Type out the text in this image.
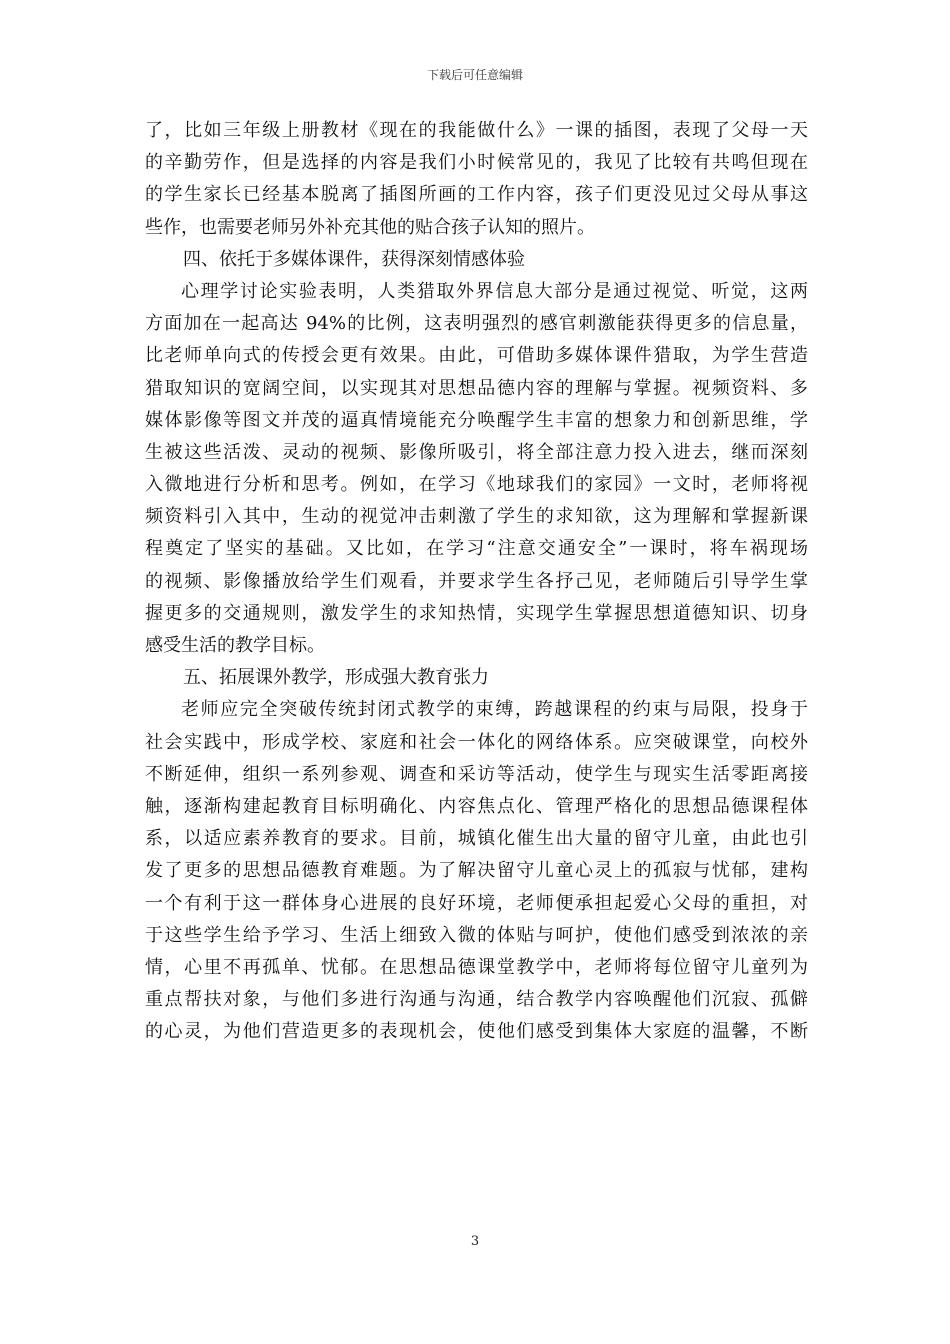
下载后可任意编辑
了，比如三年级上册教材《现在的我能做什么》一课的插图，表现了父母一天
的辛勤劳作，但是选择的内容是我们小时候常见的，我见了比较有共鸣但现在
的学生家长已经基本脱离了插图所画的工作内容，孩子们更没见过父母从事这
些作，也需要老师另外补充其他的贴合孩子认知的照片。
四、依托于多媒体课件，获得深刻情感体验
心理学讨论实验表明，人类猎取外界信息大部分是通过视觉、听觉，这两
方面加在一起高达 94%的比例，这表明强烈的感官刺激能获得更多的信息量，
比老师单向式的传授会更有效果。由此，可借助多媒体课件猎取，为学生营造
猎取知识的宽阔空间，以实现其对思想品德内容的理解与掌握。视频资料、多
媒体影像等图文并茂的逼真情境能充分唤醒学生丰富的想象力和创新思维，学
生被这些活泼、灵动的视频、影像所吸引，将全部注意力投入进去，继而深刻
入微地进行分析和思考。例如，在学习《地球我们的家园》一文时，老师将视
频资料引入其中，生动的视觉冲击刺激了学生的求知欲，这为理解和掌握新课
程奠定了坚实的基础。又比如，在学习“注意交通安全”一课时，将车祸现场
的视频、影像播放给学生们观看，并要求学生各抒己见，老师随后引导学生掌
握更多的交通规则，激发学生的求知热情，实现学生掌握思想道德知识、切身
感受生活的教学目标。
五、拓展课外教学，形成强大教育张力
老师应完全突破传统封闭式教学的束缚，跨越课程的约束与局限，投身于
社会实践中，形成学校、家庭和社会一体化的网络体系。应突破课堂，向校外
不断延伸，组织一系列参观、调查和采访等活动，使学生与现实生活零距离接
触，逐渐构建起教育目标明确化、内容焦点化、管理严格化的思想品德课程体
系，以适应素养教育的要求。目前，城镇化催生出大量的留守儿童，由此也引
发了更多的思想品德教育难题。为了解决留守儿童心灵上的孤寂与忧郁，建构
一个有利于这一群体身心进展的良好环境，老师便承担起爱心父母的重担，对
于这些学生给予学习、生活上细致入微的体贴与呵护，使他们感受到浓浓的亲
情，心里不再孤单、忧郁。在思想品德课堂教学中，老师将每位留守儿童列为
重点帮扶对象，与他们多进行沟通与沟通，结合教学内容唤醒他们沉寂、孤僻
的心灵，为他们营造更多的表现机会，使他们感受到集体大家庭的温馨，不断
3
